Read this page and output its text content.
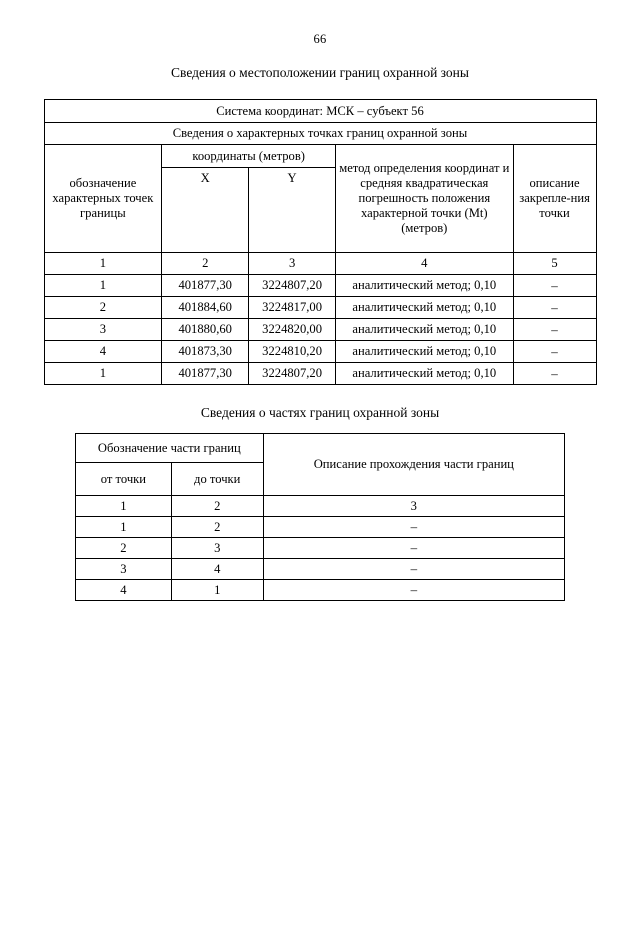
66
Сведения о местоположении границ охранной зоны
Система координат: МСК – субъект 56				
Сведения о характерных точках границ охранной зоны				
обозначение характерных точек границы	координаты (метров)		метод определения координат и средняя квадратическая погрешность положения характерной точки (Mt) (метров)	описание закрепле-ния точки
	X	Y		
1	2	3	4	5
1	401877,30	3224807,20	аналитический метод; 0,10	–
2	401884,60	3224817,00	аналитический метод; 0,10	–
3	401880,60	3224820,00	аналитический метод; 0,10	–
4	401873,30	3224810,20	аналитический метод; 0,10	–
1	401877,30	3224807,20	аналитический метод; 0,10	–
Сведения о частях границ охранной зоны
Обозначение части границ		Описание прохождения части границ
от точки	до точки	
1	2	3
1	2	–
2	3	–
3	4	–
4	1	–
